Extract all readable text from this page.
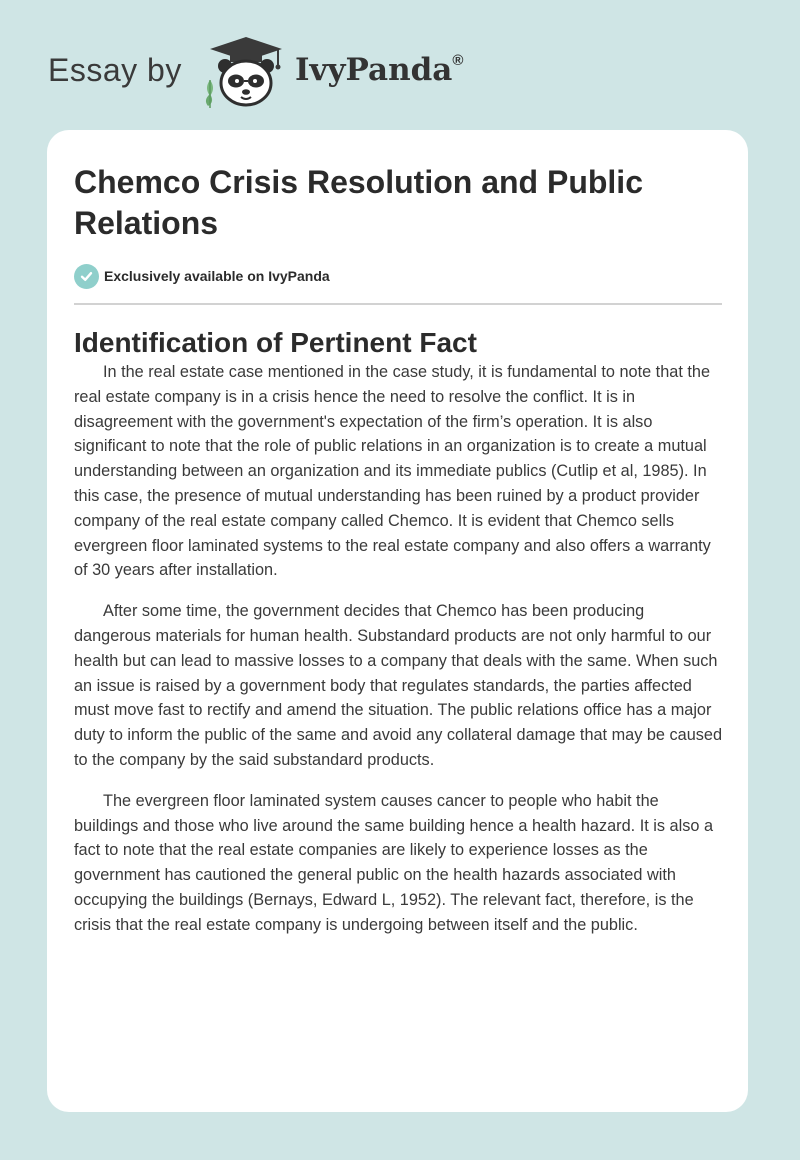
Essay by	IvyPanda®
Chemco Crisis Resolution and Public Relations
Exclusively available on IvyPanda
Identification of Pertinent Fact

In the real estate case mentioned in the case study, it is fundamental to note that the real estate company is in a crisis hence the need to resolve the conflict. It is in disagreement with the government's expectation of the firm’s operation. It is also significant to note that the role of public relations in an organization is to create a mutual understanding between an organization and its immediate publics (Cutlip et al, 1985). In this case, the presence of mutual understanding has been ruined by a product provider company of the real estate company called Chemco. It is evident that Chemco sells evergreen floor laminated systems to the real estate company and also offers a warranty of 30 years after installation.

After some time, the government decides that Chemco has been producing dangerous materials for human health. Substandard products are not only harmful to our health but can lead to massive losses to a company that deals with the same. When such an issue is raised by a government body that regulates standards, the parties affected must move fast to rectify and amend the situation. The public relations office has a major duty to inform the public of the same and avoid any collateral damage that may be caused to the company by the said substandard products.

The evergreen floor laminated system causes cancer to people who habit the buildings and those who live around the same building hence a health hazard. It is also a fact to note that the real estate companies are likely to experience losses as the government has cautioned the general public on the health hazards associated with occupying the buildings (Bernays, Edward L, 1952). The relevant fact, therefore, is the crisis that the real estate company is undergoing between itself and the public.
